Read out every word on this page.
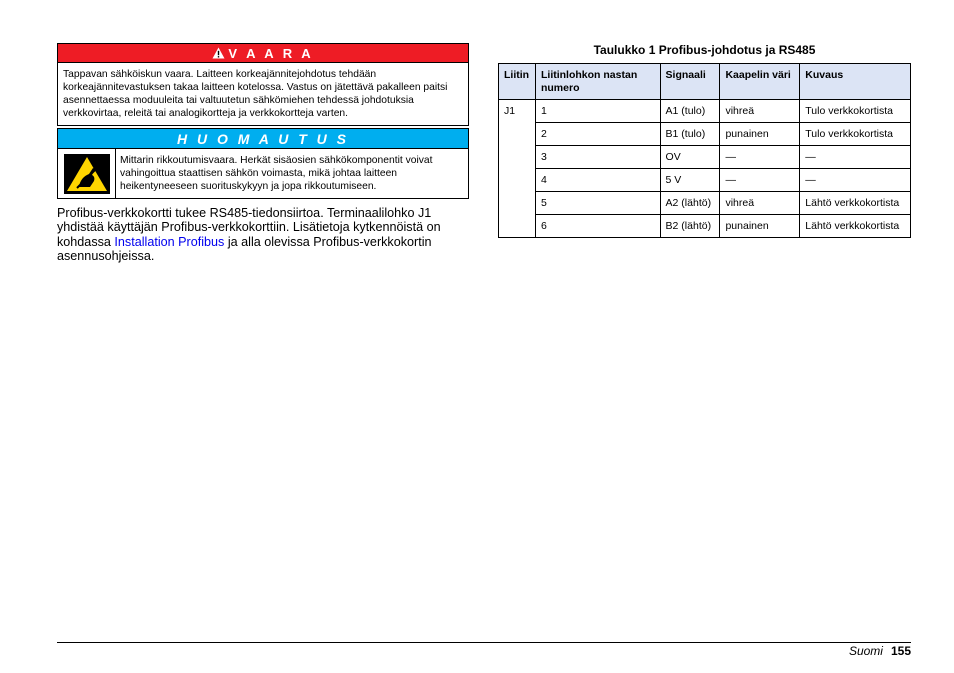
V A A R A
Tappavan sähköiskun vaara. Laitteen korkeajännitejohdotus tehdään korkeajännitevastuksen takaa laitteen kotelossa. Vastus on jätettävä pakalleen paitsi asennettaessa moduuleita tai valtuutetun sähkömiehen tehdessä johdotuksia verkkovirtaa, releitä tai analogikortteja ja verkkokortteja varten.
H U O M A U T U S
Mittarin rikkoutumisvaara. Herkät sisäosien sähkökomponentit voivat vahingoittua staattisen sähkön voimasta, mikä johtaa laitteen heikentyneeseen suorituskykyyn ja jopa rikkoutumiseen.
Profibus-verkkokortti tukee RS485-tiedonsiirtoa. Terminaalilohko J1 yhdistää käyttäjän Profibus-verkkokorttiin. Lisätietoja kytkennöistä on kohdassa Installation Profibus ja alla olevissa Profibus-verkkokortin asennusohjeissa.
Taulukko 1 Profibus-johdotus ja RS485
Liitin	Liitinlohkon nastan numero	Signaali	Kaapelin väri	Kuvaus
J1	1	A1 (tulo)	vihreä	Tulo verkkokortista
	2	B1 (tulo)	punainen	Tulo verkkokortista
	3	OV	—	—
	4	5 V	—	—
	5	A2 (lähtö)	vihreä	Lähtö verkkokortista
	6	B2 (lähtö)	punainen	Lähtö verkkokortista
Suomi 155
